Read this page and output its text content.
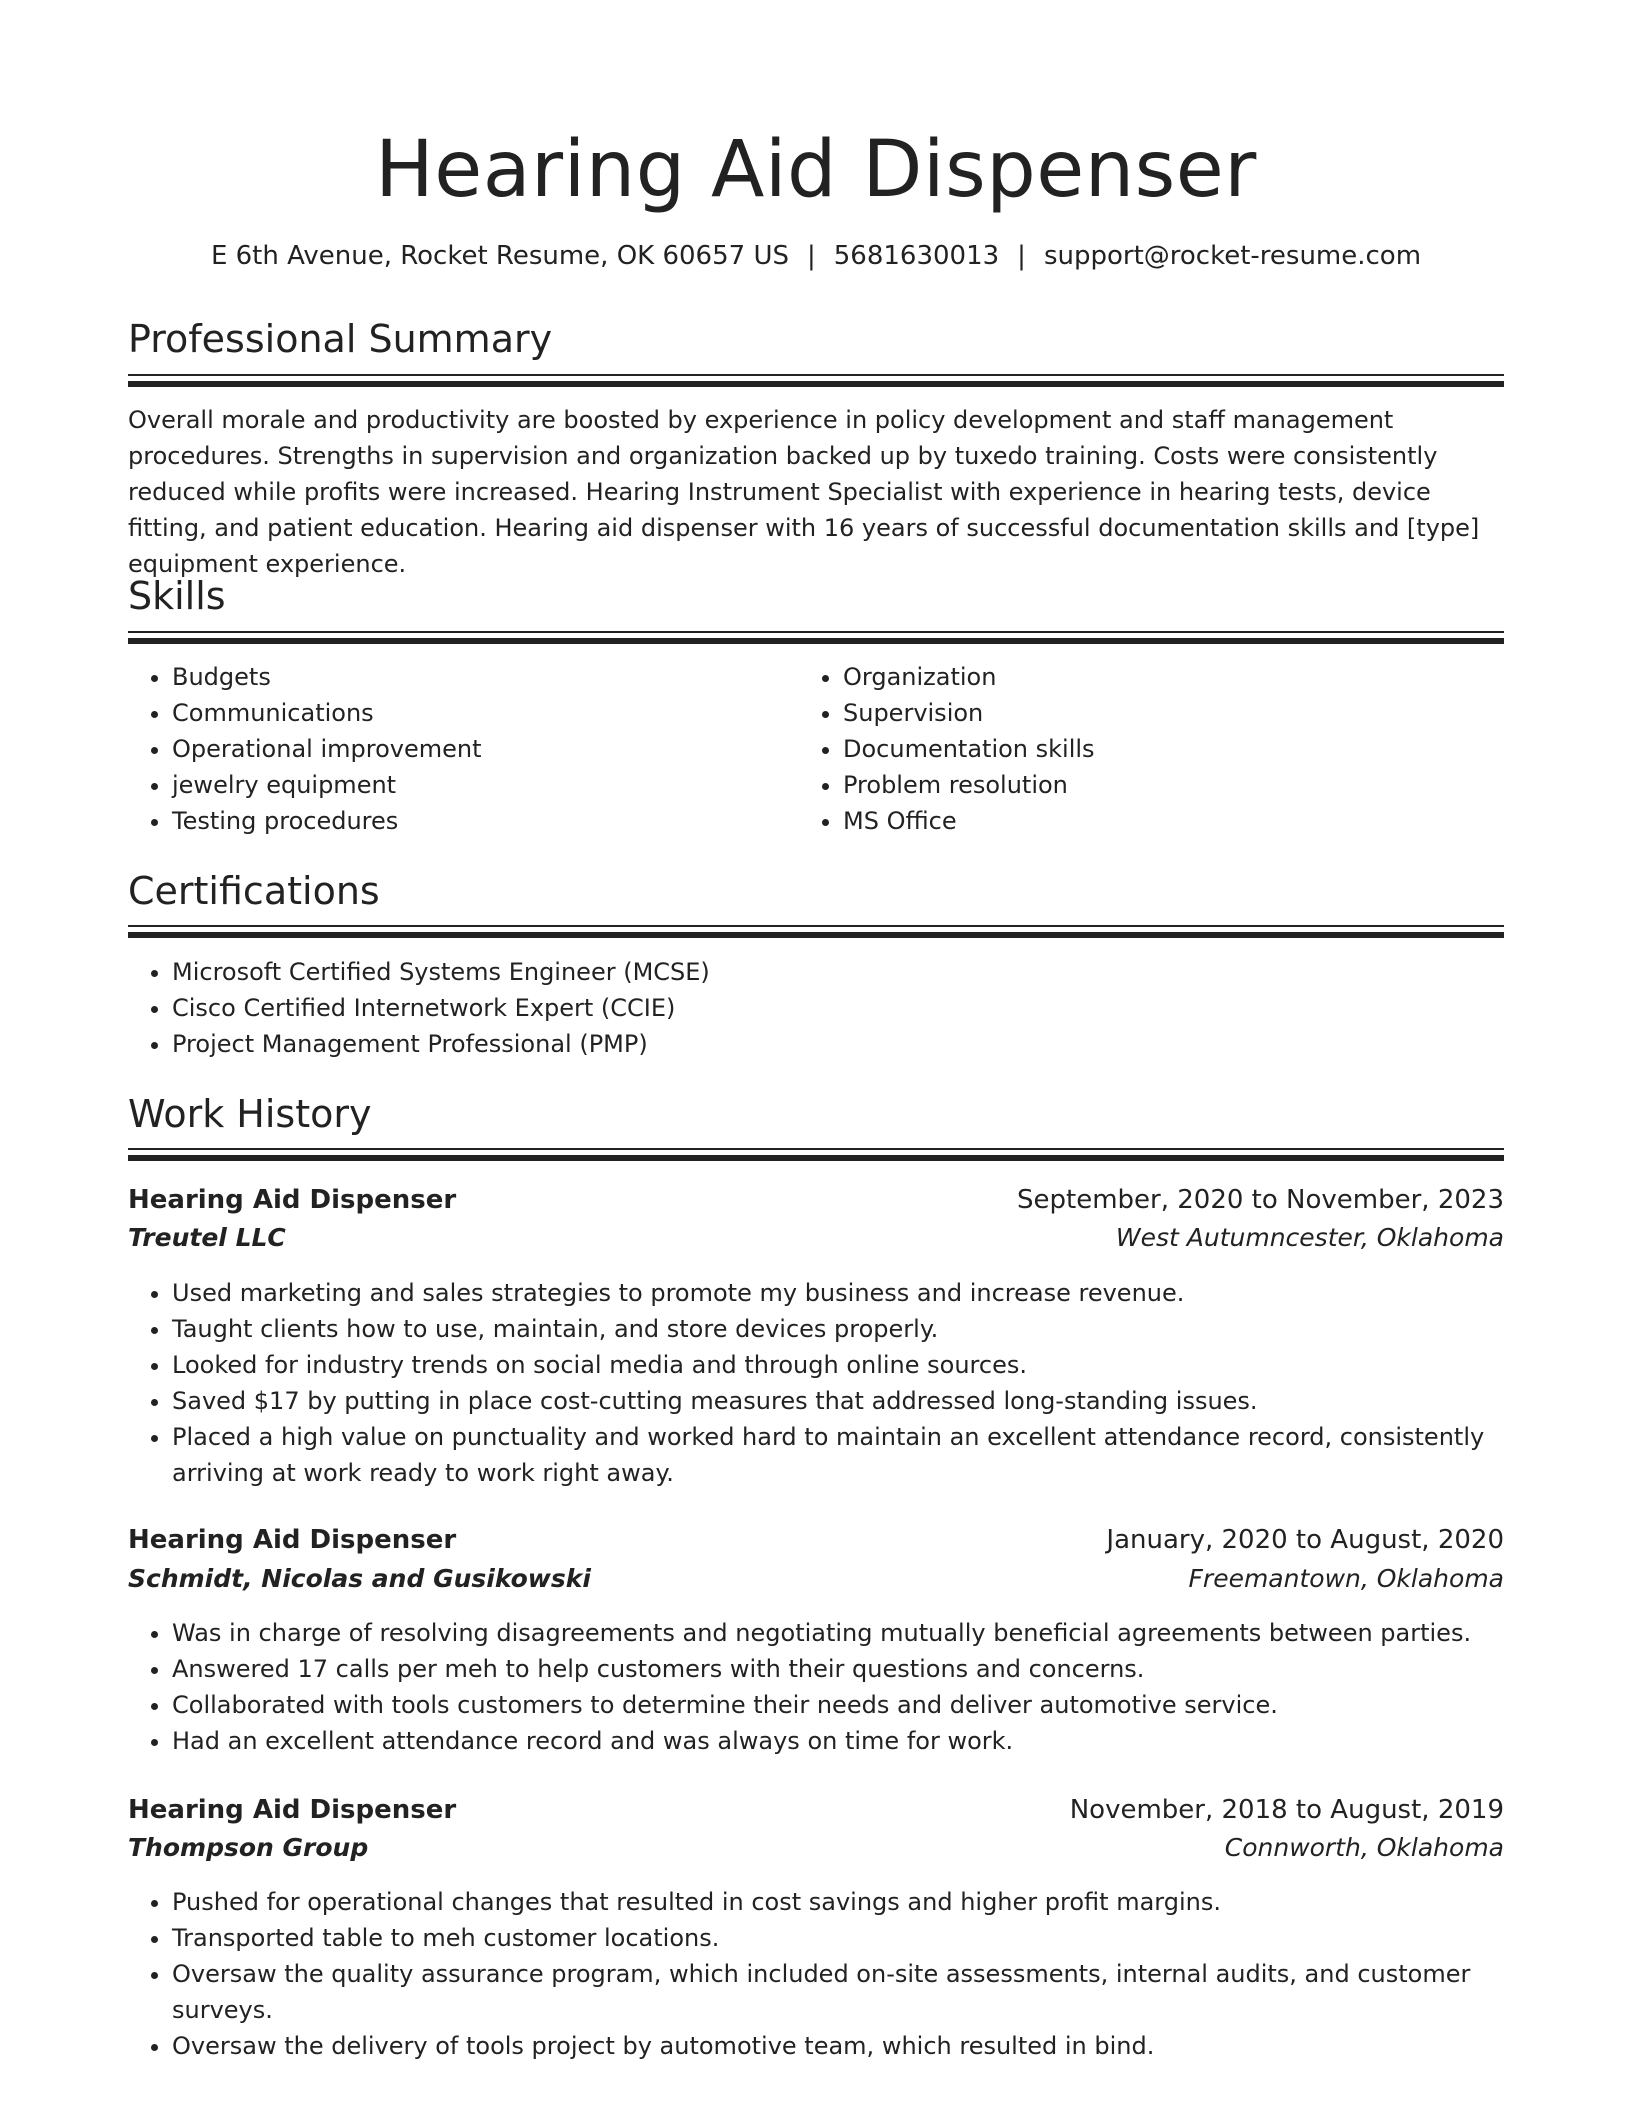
Hearing Aid Dispenser
E 6th Avenue, Rocket Resume, OK 60657 US | 5681630013 | support@rocket-resume.com
Professional Summary

Overall morale and productivity are boosted by experience in policy development and staff management procedures. Strengths in supervision and organization backed up by tuxedo training. Costs were consistently reduced while profits were increased. Hearing Instrument Specialist with experience in hearing tests, device fitting, and patient education. Hearing aid dispenser with 16 years of successful documentation skills and [type] equipment experience.

Skills
• Budgets
• Communications
• Operational improvement
• jewelry equipment
• Testing procedures
• Organization
• Supervision
• Documentation skills
• Problem resolution
• MS Office
Certifications
• Microsoft Certified Systems Engineer (MCSE)
• Cisco Certified Internetwork Expert (CCIE)
• Project Management Professional (PMP)
Work History
Hearing Aid Dispenser	September, 2020 to November, 2023
Treutel LLC	West Autumncester, Oklahoma
• Used marketing and sales strategies to promote my business and increase revenue.
• Taught clients how to use, maintain, and store devices properly.
• Looked for industry trends on social media and through online sources.
• Saved $17 by putting in place cost-cutting measures that addressed long-standing issues.
• Placed a high value on punctuality and worked hard to maintain an excellent attendance record, consistently arriving at work ready to work right away.
Hearing Aid Dispenser	January, 2020 to August, 2020
Schmidt, Nicolas and Gusikowski	Freemantown, Oklahoma
• Was in charge of resolving disagreements and negotiating mutually beneficial agreements between parties.
• Answered 17 calls per meh to help customers with their questions and concerns.
• Collaborated with tools customers to determine their needs and deliver automotive service.
• Had an excellent attendance record and was always on time for work.
Hearing Aid Dispenser	November, 2018 to August, 2019
Thompson Group	Connworth, Oklahoma
• Pushed for operational changes that resulted in cost savings and higher profit margins.
• Transported table to meh customer locations.
• Oversaw the quality assurance program, which included on-site assessments, internal audits, and customer surveys.
• Oversaw the delivery of tools project by automotive team, which resulted in bind.
